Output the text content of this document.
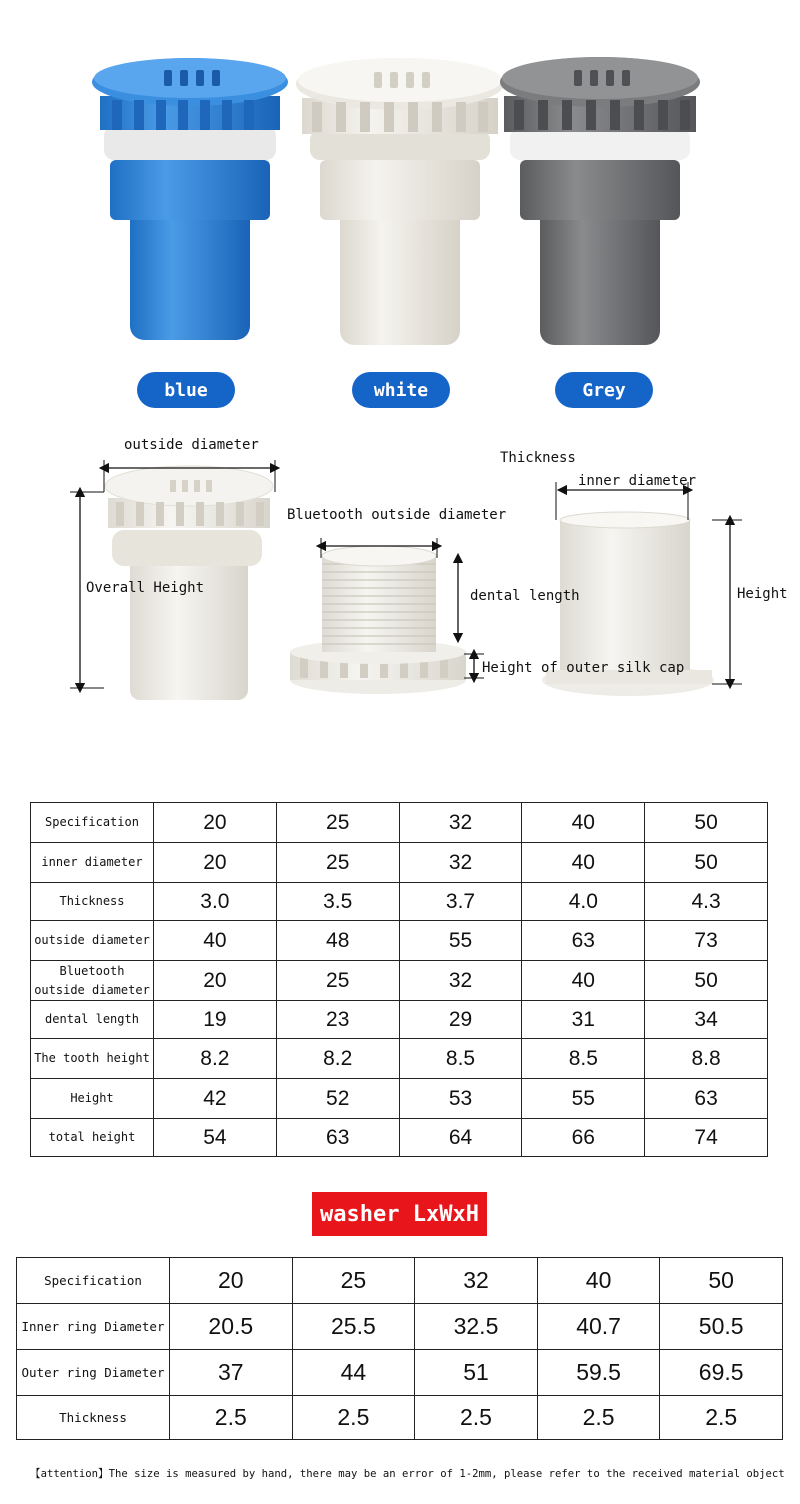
blue	white	Grey
outside diameter
Overall Height
Bluetooth outside diameter
dental length
Height of outer silk cap
Thickness
inner diameter
Height
Specification	20	25	32	40	50
inner diameter	20	25	32	40	50
Thickness	3.0	3.5	3.7	4.0	4.3
outside diameter	40	48	55	63	73
Bluetooth
outside diameter	20	25	32	40	50
dental length	19	23	29	31	34
The tooth height	8.2	8.2	8.5	8.5	8.8
Height	42	52	53	55	63
total height	54	63	64	66	74
washer LxWxH
Specification	20	25	32	40	50
Inner ring Diameter	20.5	25.5	32.5	40.7	50.5
Outer ring Diameter	37	44	51	59.5	69.5
Thickness	2.5	2.5	2.5	2.5	2.5
【attention】The size is measured by hand, there may be an error of 1-2mm, please refer to the received material object
